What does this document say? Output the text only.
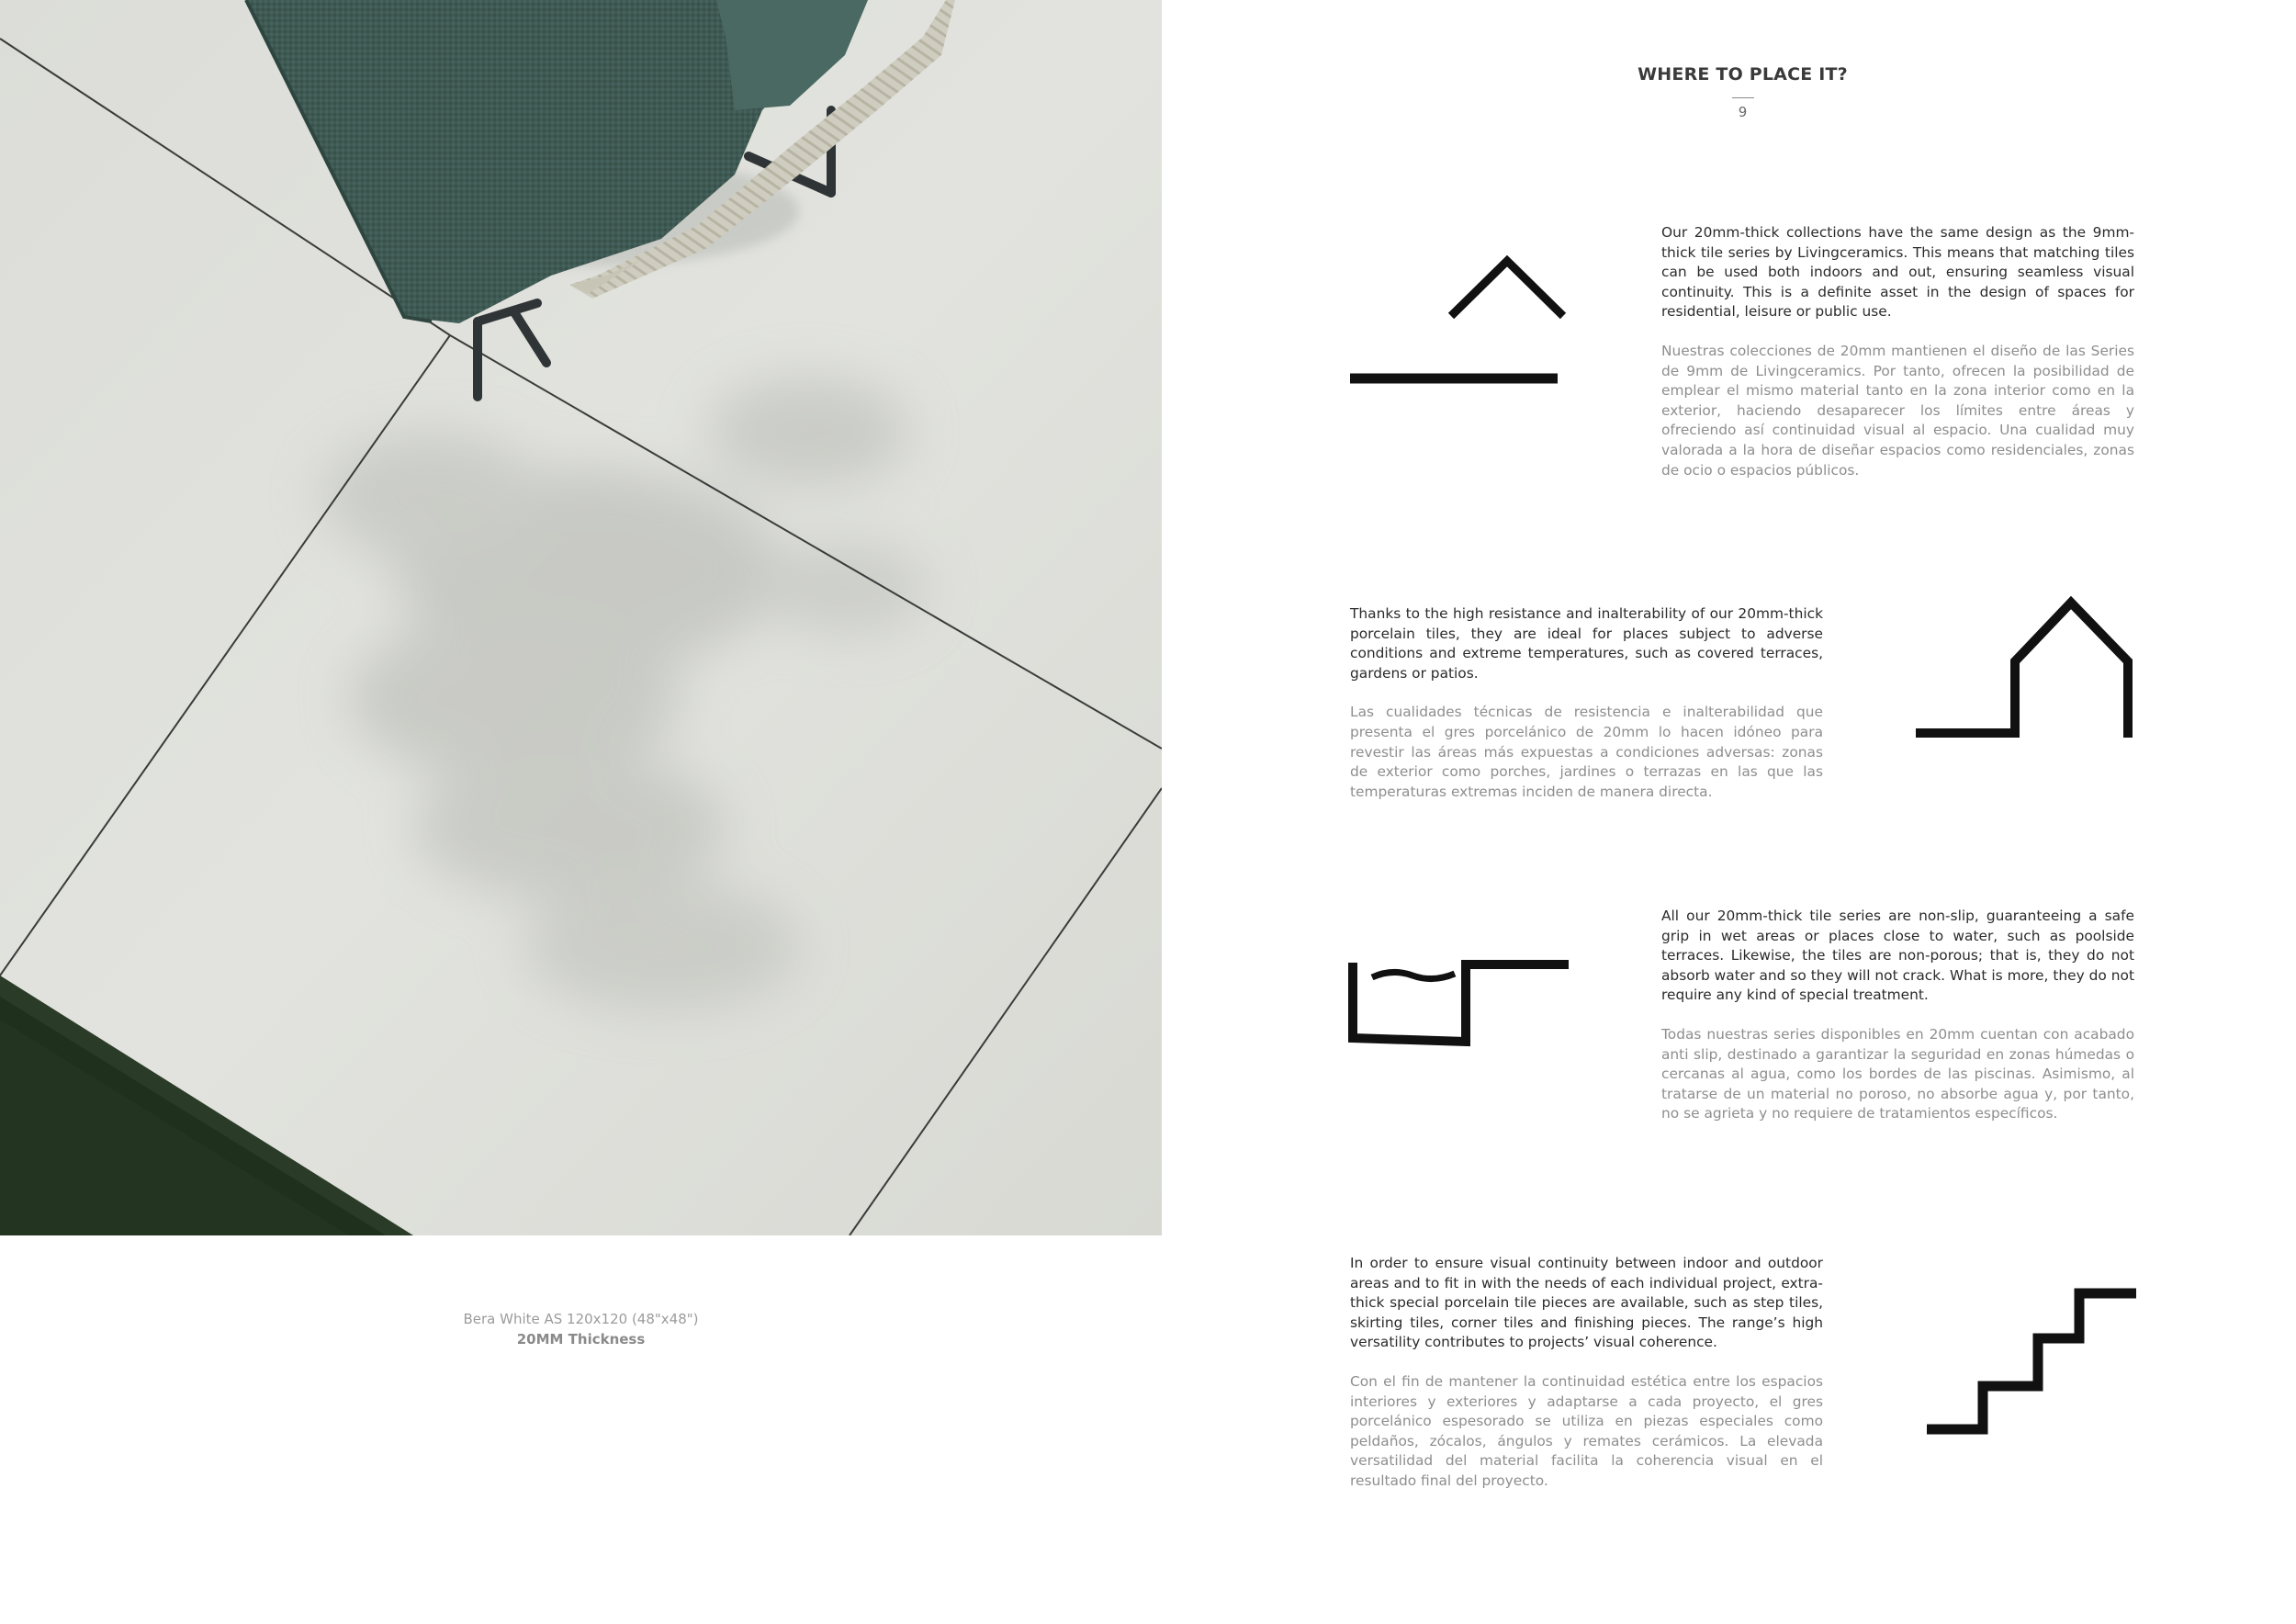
Bera White AS 120x120 (48"x48")
20MM Thickness
WHERE TO PLACE IT?
9

Our 20mm-thick collections have the same design as the 9mm-thick tile series by Livingceramics. This means that matching tiles can be used both indoors and out, ensuring seamless visual continuity. This is a definite asset in the design of spaces for residential, leisure or public use.

Nuestras colecciones de 20mm mantienen el diseño de las Series de 9mm de Livingceramics. Por tanto, ofrecen la posibilidad de emplear el mismo material tanto en la zona interior como en la exterior, haciendo desaparecer los límites entre áreas y ofreciendo así continuidad visual al espacio. Una cualidad muy valorada a la hora de diseñar espacios como residenciales, zonas de ocio o espacios públicos.

Thanks to the high resistance and inalterability of our 20mm-thick porcelain tiles, they are ideal for places subject to adverse conditions and extreme temperatures, such as covered terraces, gardens or patios.

Las cualidades técnicas de resistencia e inalterabilidad que presenta el gres porcelánico de 20mm lo hacen idóneo para revestir las áreas más expuestas a condiciones adversas: zonas de exterior como porches, jardines o terrazas en las que las temperaturas extremas inciden de manera directa.

All our 20mm-thick tile series are non-slip, guaranteeing a safe grip in wet areas or places close to water, such as poolside terraces. Likewise, the tiles are non-porous; that is, they do not absorb water and so they will not crack. What is more, they do not require any kind of special treatment.

Todas nuestras series disponibles en 20mm cuentan con acabado anti slip, destinado a garantizar la seguridad en zonas húmedas o cercanas al agua, como los bordes de las piscinas. Asimismo, al tratarse de un material no poroso, no absorbe agua y, por tanto, no se agrieta y no requiere de tratamientos específicos.

In order to ensure visual continuity between indoor and outdoor areas and to fit in with the needs of each individual project, extra-thick special porcelain tile pieces are available, such as step tiles, skirting tiles, corner tiles and finishing pieces. The range’s high versatility contributes to projects’ visual coherence.

Con el fin de mantener la continuidad estética entre los espacios interiores y exteriores y adaptarse a cada proyecto, el gres porcelánico espesorado se utiliza en piezas especiales como peldaños, zócalos, ángulos y remates cerámicos. La elevada versatilidad del material facilita la coherencia visual en el resultado final del proyecto.
